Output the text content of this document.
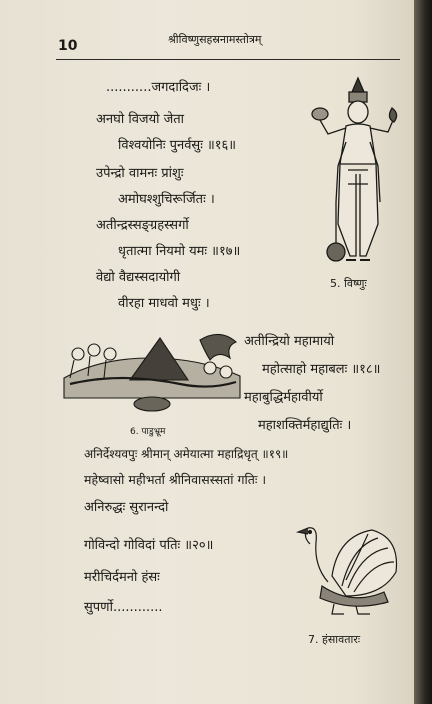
10	श्रीविष्णुसहस्रनामस्तोत्रम्
...........जगदादिजः ।
अनघो विजयो जेता
विश्वयोनिः पुनर्वसुः ॥१६॥
उपेन्द्रो वामनः प्रांशुः
अमोघश्शुचिरूर्जितः ।
अतीन्द्रस्सङ्ग्रहस्सर्गो
धृतात्मा नियमो यमः ॥१७॥
वेद्यो वैद्यस्सदायोगी
वीरहा माधवो मधुः ।
अतीन्द्रियो महामायो
महोत्साहो महाबलः ॥१८॥
महाबुद्धिर्महावीर्यो
महाशक्तिर्महाद्युतिः ।
अनिर्देश्यवपुः श्रीमान् अमेयात्मा महाद्रिधृत् ॥१९॥
महेष्वासो महीभर्ता श्रीनिवासस्सतां गतिः ।
अनिरुद्धः सुरानन्दो
गोविन्दो गोविदां पतिः ॥२०॥
मरीचिर्दमनो हंसः
सुपर्णो............
5. विष्णुः
6. पाडुभ्रूम
7. हंसावतारः
